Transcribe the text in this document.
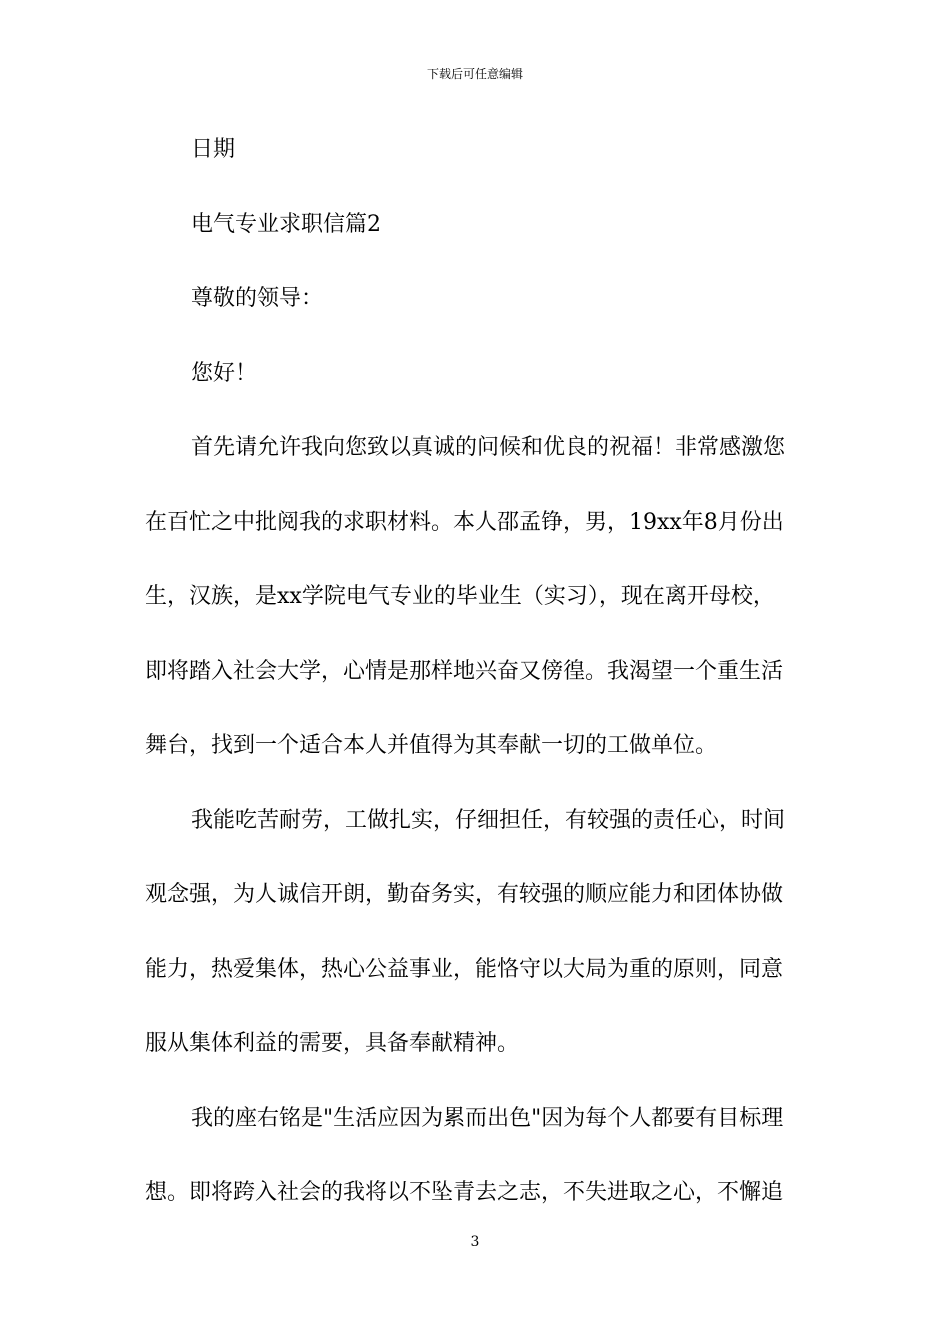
下载后可任意编辑
日期
电气专业求职信篇2
尊敬的领导：
您好！
首先请允许我向您致以真诚的问候和优良的祝福！非常感激您
在百忙之中批阅我的求职材料。本人邵孟铮，男，19xx年8月份出
生，汉族，是xx学院电气专业的毕业生（实习），现在离开母校，
即将踏入社会大学，心情是那样地兴奋又傍徨。我渴望一个重生活
舞台，找到一个适合本人并值得为其奉献一切的工做单位。
我能吃苦耐劳，工做扎实，仔细担任，有较强的责任心，时间
观念强，为人诚信开朗，勤奋务实，有较强的顺应能力和团体协做
能力，热爱集体，热心公益事业，能恪守以大局为重的原则，同意
服从集体利益的需要，具备奉献精神。
我的座右铭是"生活应因为累而出色"因为每个人都要有目标理
想。即将跨入社会的我将以不坠青去之志，不失进取之心，不懈追
3
